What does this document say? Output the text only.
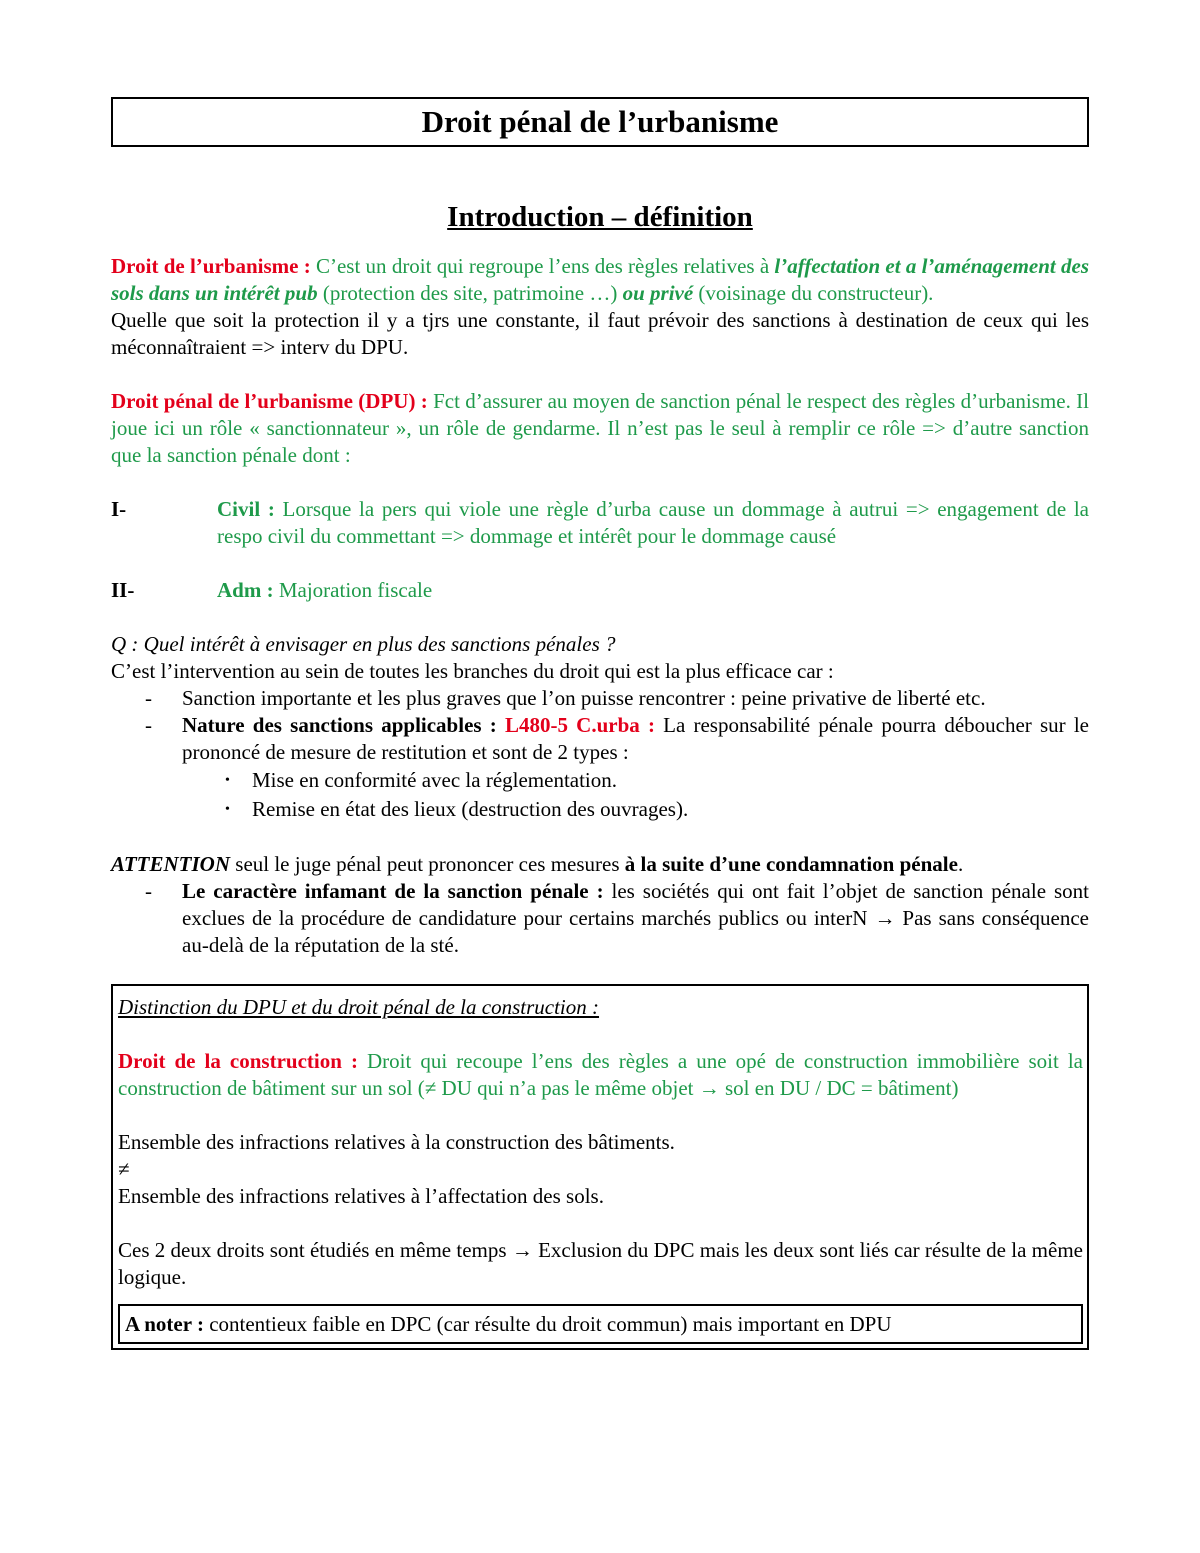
Droit pénal de l’urbanisme
Introduction – définition

Droit de l’urbanisme : C’est un droit qui regroupe l’ens des règles relatives à l’affectation et a l’aménagement des sols dans un intérêt pub (protection des site, patrimoine …) ou privé (voisinage du constructeur).

Quelle que soit la protection il y a tjrs une constante, il faut prévoir des sanctions à destination de ceux qui les méconnaîtraient => interv du DPU.

Droit pénal de l’urbanisme (DPU) : Fct d’assurer au moyen de sanction pénal le respect des règles d’urbanisme. Il joue ici un rôle « sanctionnateur », un rôle de gendarme. Il n’est pas le seul à remplir ce rôle => d’autre sanction que la sanction pénale dont :

I-	Civil : Lorsque la pers qui viole une règle d’urba cause un dommage à autrui => engagement de la respo civil du commettant => dommage et intérêt pour le dommage causé
II-	Adm : Majoration fiscale

Q : Quel intérêt à envisager en plus des sanctions pénales ?

C’est l’intervention au sein de toutes les branches du droit qui est la plus efficace car :

-	Sanction importante et les plus graves que l’on puisse rencontrer : peine privative de liberté etc.
-	Nature des sanctions applicables : L480-5 C.urba : La responsabilité pénale pourra déboucher sur le prononcé de mesure de restitution et sont de 2 types :
•	Mise en conformité avec la réglementation.
•	Remise en état des lieux (destruction des ouvrages).

ATTENTION seul le juge pénal peut prononcer ces mesures à la suite d’une condamnation pénale.

-	Le caractère infamant de la sanction pénale : les sociétés qui ont fait l’objet de sanction pénale sont exclues de la procédure de candidature pour certains marchés publics ou interN → Pas sans conséquence au-delà de la réputation de la sté.

Distinction du DPU et du droit pénal de la construction :

Droit de la construction : Droit qui recoupe l’ens des règles a une opé de construction immobilière soit la construction de bâtiment sur un sol (≠ DU qui n’a pas le même objet → sol en DU / DC = bâtiment)

Ensemble des infractions relatives à la construction des bâtiments.

≠

Ensemble des infractions relatives à l’affectation des sols.

Ces 2 deux droits sont étudiés en même temps → Exclusion du DPC mais les deux sont liés car résulte de la même logique.

A noter : contentieux faible en DPC (car résulte du droit commun) mais important en DPU
